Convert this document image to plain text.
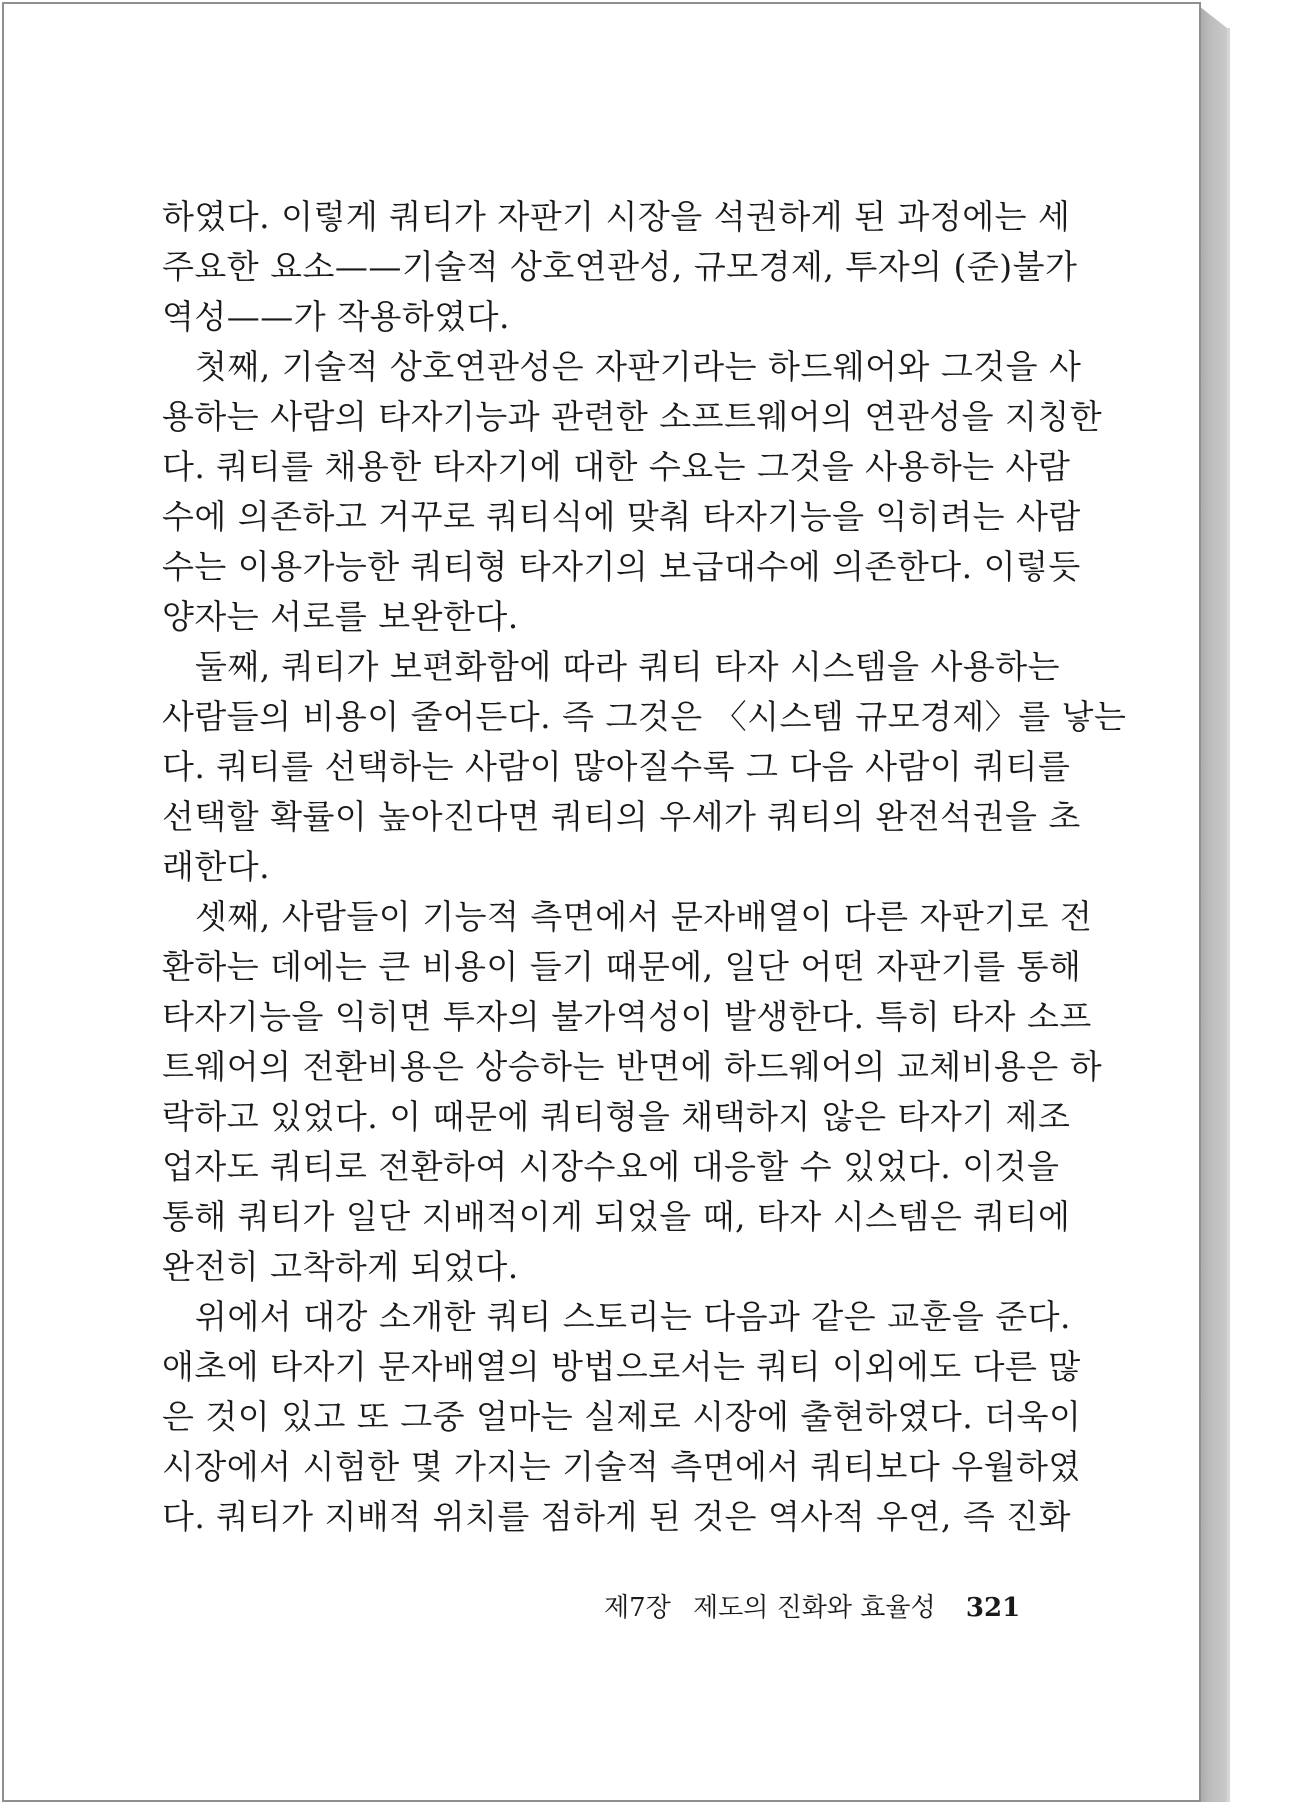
하였다. 이렇게 쿼티가 자판기 시장을 석권하게 된 과정에는 세
주요한 요소——기술적 상호연관성, 규모경제, 투자의 (준)불가
역성——가 작용하였다.
첫째, 기술적 상호연관성은 자판기라는 하드웨어와 그것을 사
용하는 사람의 타자기능과 관련한 소프트웨어의 연관성을 지칭한
다. 쿼티를 채용한 타자기에 대한 수요는 그것을 사용하는 사람
수에 의존하고 거꾸로 쿼티식에 맞춰 타자기능을 익히려는 사람
수는 이용가능한 쿼티형 타자기의 보급대수에 의존한다. 이렇듯
양자는 서로를 보완한다.
둘째, 쿼티가 보편화함에 따라 쿼티 타자 시스템을 사용하는
사람들의 비용이 줄어든다. 즉 그것은 〈시스템 규모경제〉를 낳는
다. 쿼티를 선택하는 사람이 많아질수록 그 다음 사람이 쿼티를
선택할 확률이 높아진다면 쿼티의 우세가 쿼티의 완전석권을 초
래한다.
셋째, 사람들이 기능적 측면에서 문자배열이 다른 자판기로 전
환하는 데에는 큰 비용이 들기 때문에, 일단 어떤 자판기를 통해
타자기능을 익히면 투자의 불가역성이 발생한다. 특히 타자 소프
트웨어의 전환비용은 상승하는 반면에 하드웨어의 교체비용은 하
락하고 있었다. 이 때문에 쿼티형을 채택하지 않은 타자기 제조
업자도 쿼티로 전환하여 시장수요에 대응할 수 있었다. 이것을
통해 쿼티가 일단 지배적이게 되었을 때, 타자 시스템은 쿼티에
완전히 고착하게 되었다.
위에서 대강 소개한 쿼티 스토리는 다음과 같은 교훈을 준다.
애초에 타자기 문자배열의 방법으로서는 쿼티 이외에도 다른 많
은 것이 있고 또 그중 얼마는 실제로 시장에 출현하였다. 더욱이
시장에서 시험한 몇 가지는 기술적 측면에서 쿼티보다 우월하였
다. 쿼티가 지배적 위치를 점하게 된 것은 역사적 우연, 즉 진화
제7장 제도의 진화와 효율성 321
